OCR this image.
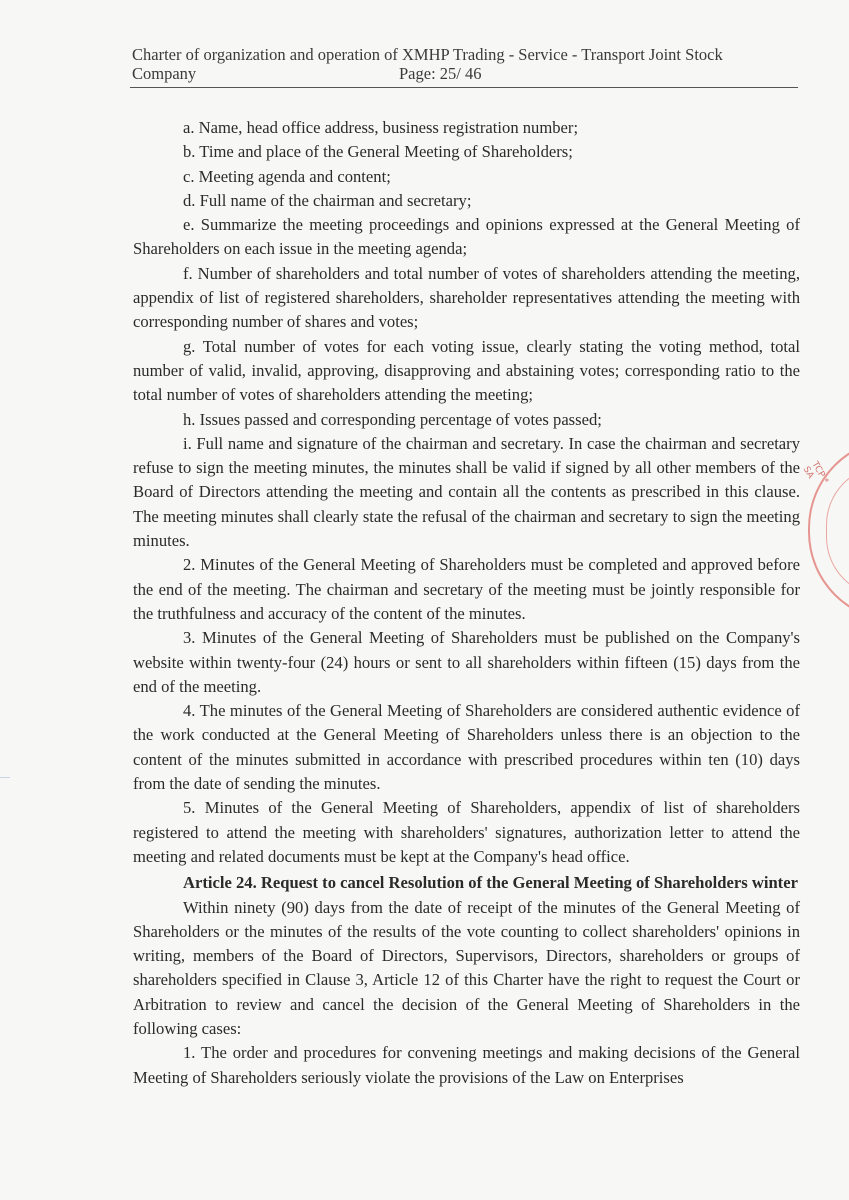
Charter of organization and operation of XMHP Trading - Service - Transport Joint Stock
Company	Page: 25/ 46

a. Name, head office address, business registration number;

b. Time and place of the General Meeting of Shareholders;

c. Meeting agenda and content;

d. Full name of the chairman and secretary;

e. Summarize the meeting proceedings and opinions expressed at the General Meeting of Shareholders on each issue in the meeting agenda;

f. Number of shareholders and total number of votes of shareholders attending the meeting, appendix of list of registered shareholders, shareholder representatives attending the meeting with corresponding number of shares and votes;

g. Total number of votes for each voting issue, clearly stating the voting method, total number of valid, invalid, approving, disapproving and abstaining votes; corresponding ratio to the total number of votes of shareholders attending the meeting;

h. Issues passed and corresponding percentage of votes passed;

i. Full name and signature of the chairman and secretary. In case the chairman and secretary refuse to sign the meeting minutes, the minutes shall be valid if signed by all other members of the Board of Directors attending the meeting and contain all the contents as prescribed in this clause. The meeting minutes shall clearly state the refusal of the chairman and secretary to sign the meeting minutes.

2. Minutes of the General Meeting of Shareholders must be completed and approved before the end of the meeting. The chairman and secretary of the meeting must be jointly responsible for the truthfulness and accuracy of the content of the minutes.

3. Minutes of the General Meeting of Shareholders must be published on the Company's website within twenty-four (24) hours or sent to all shareholders within fifteen (15) days from the end of the meeting.

4. The minutes of the General Meeting of Shareholders are considered authentic evidence of the work conducted at the General Meeting of Shareholders unless there is an objection to the content of the minutes submitted in accordance with prescribed procedures within ten (10) days from the date of sending the minutes.

5. Minutes of the General Meeting of Shareholders, appendix of list of shareholders registered to attend the meeting with shareholders' signatures, authorization letter to attend the meeting and related documents must be kept at the Company's head office.

Article 24. Request to cancel Resolution of the General Meeting of Shareholders winter

Within ninety (90) days from the date of receipt of the minutes of the General Meeting of Shareholders or the minutes of the results of the vote counting to collect shareholders' opinions in writing, members of the Board of Directors, Supervisors, Directors, shareholders or groups of shareholders specified in Clause 3, Article 12 of this Charter have the right to request the Court or Arbitration to review and cancel the decision of the General Meeting of Shareholders in the following cases:

1. The order and procedures for convening meetings and making decisions of the General Meeting of Shareholders seriously violate the provisions of the Law on Enterprises

TCP * SA
